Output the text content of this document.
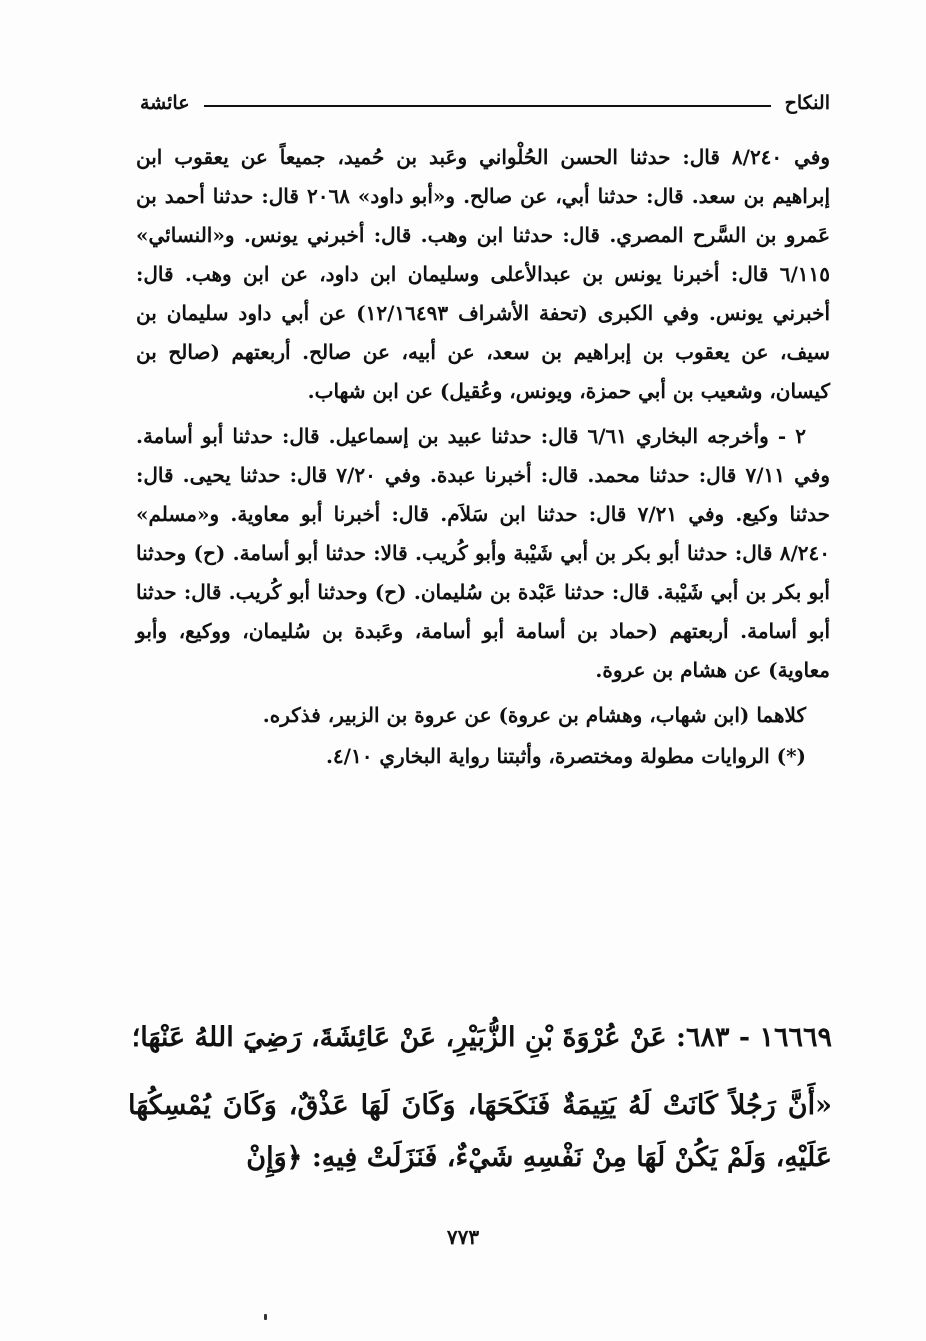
النكاح
عائشة

وفي ٨/٢٤٠ قال: حدثنا الحسن الحُلْواني وعَبد بن حُميد، جميعاً عن يعقوب ابن إبراهيم بن سعد. قال: حدثنا أبي، عن صالح. و«أبو داود» ٢٠٦٨ قال: حدثنا أحمد بن عَمرو بن السَّرح المصري. قال: حدثنا ابن وهب. قال: أخبرني يونس. و«النسائي» ٦/١١٥ قال: أخبرنا يونس بن عبدالأعلى وسليمان ابن داود، عن ابن وهب. قال: أخبرني يونس. وفي الكبرى (تحفة الأشراف ١٢/١٦٤٩٣) عن أبي داود سليمان بن سيف، عن يعقوب بن إبراهيم بن سعد، عن أبيه، عن صالح. أربعتهم (صالح بن كيسان، وشعيب بن أبي حمزة، ويونس، وعُقيل) عن ابن شهاب.

٢ - وأخرجه البخاري ٦/٦١ قال: حدثنا عبيد بن إسماعيل. قال: حدثنا أبو أسامة. وفي ٧/١١ قال: حدثنا محمد. قال: أخبرنا عبدة. وفي ٧/٢٠ قال: حدثنا يحيى. قال: حدثنا وكيع. وفي ٧/٢١ قال: حدثنا ابن سَلاَم. قال: أخبرنا أبو معاوية. و«مسلم» ٨/٢٤٠ قال: حدثنا أبو بكر بن أبي شَيْبة وأبو كُريب. قالا: حدثنا أبو أسامة. (ح) وحدثنا أبو بكر بن أبي شَيْبة. قال: حدثنا عَبْدة بن سُليمان. (ح) وحدثنا أبو كُريب. قال: حدثنا أبو أسامة. أربعتهم (حماد بن أسامة أبو أسامة، وعَبدة بن سُليمان، ووكيع، وأبو معاوية) عن هشام بن عروة.

كلاهما (ابن شهاب، وهشام بن عروة) عن عروة بن الزبير، فذكره.

(*) الروايات مطولة ومختصرة، وأثبتنا رواية البخاري ٤/١٠.

١٦٦٦٩ - ٦٨٣: عَنْ عُرْوَةَ بْنِ الزُّبَيْرِ، عَنْ عَائِشَةَ، رَضِيَ اللهُ عَنْهَا؛

«أَنَّ رَجُلاً كَانَتْ لَهُ يَتِيمَةٌ فَنَكَحَهَا، وَكَانَ لَهَا عَذْقٌ، وَكَانَ يُمْسِكُهَا عَلَيْهِ، وَلَمْ يَكُنْ لَهَا مِنْ نَفْسِهِ شَيْءٌ، فَنَزَلَتْ فِيهِ: ﴿وَإِنْ

٧٧٣
